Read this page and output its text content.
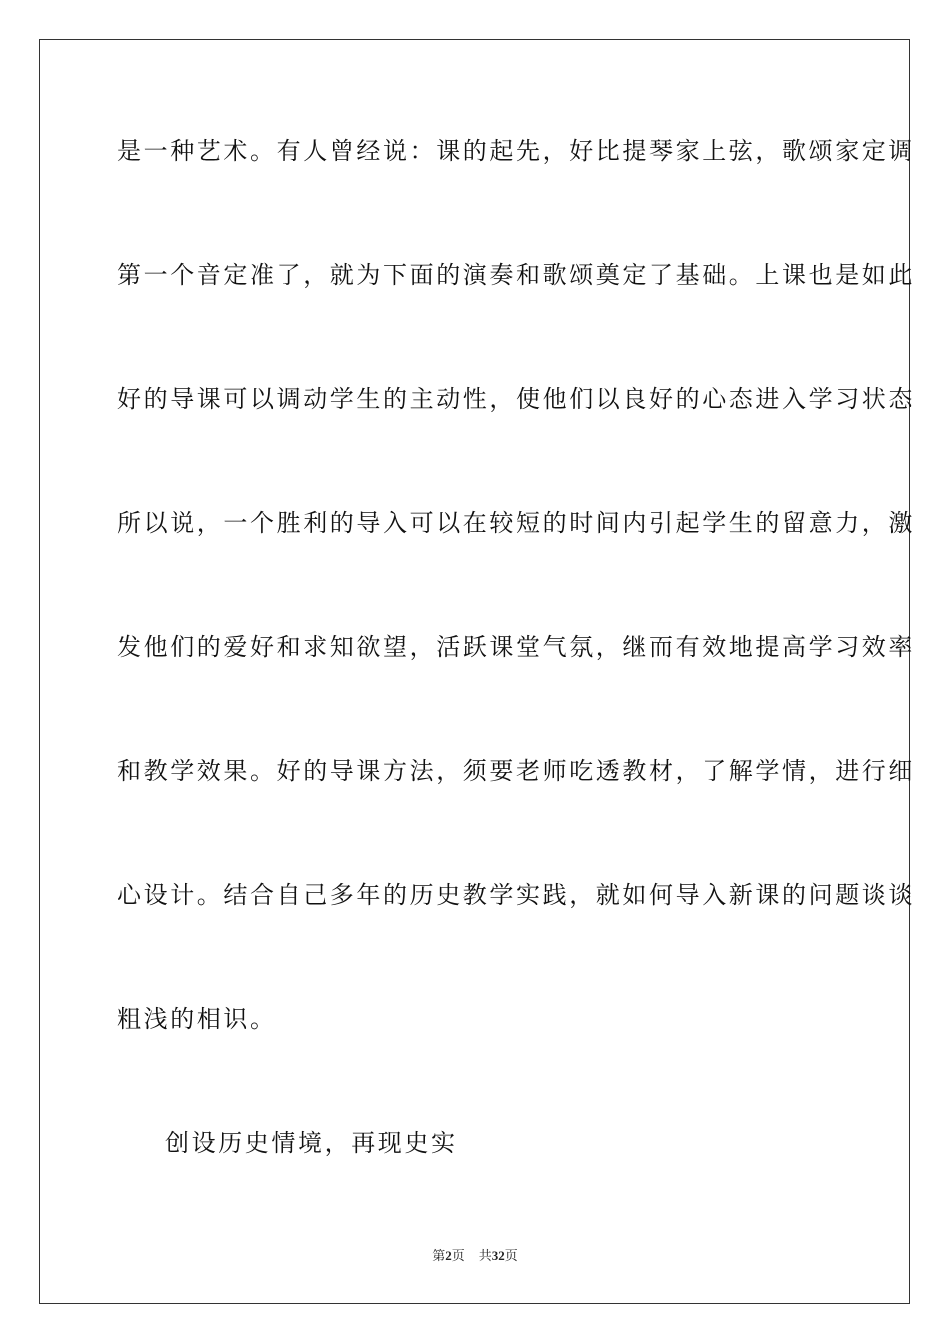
是一种艺术。有人曾经说：课的起先，好比提琴家上弦，歌颂家定调
第一个音定准了，就为下面的演奏和歌颂奠定了基础。上课也是如此
好的导课可以调动学生的主动性，使他们以良好的心态进入学习状态
所以说，一个胜利的导入可以在较短的时间内引起学生的留意力，激
发他们的爱好和求知欲望，活跃课堂气氛，继而有效地提高学习效率
和教学效果。好的导课方法，须要老师吃透教材，了解学情，进行细
心设计。结合自己多年的历史教学实践，就如何导入新课的问题谈谈
粗浅的相识。
创设历史情境，再现史实
第2页 共32页
